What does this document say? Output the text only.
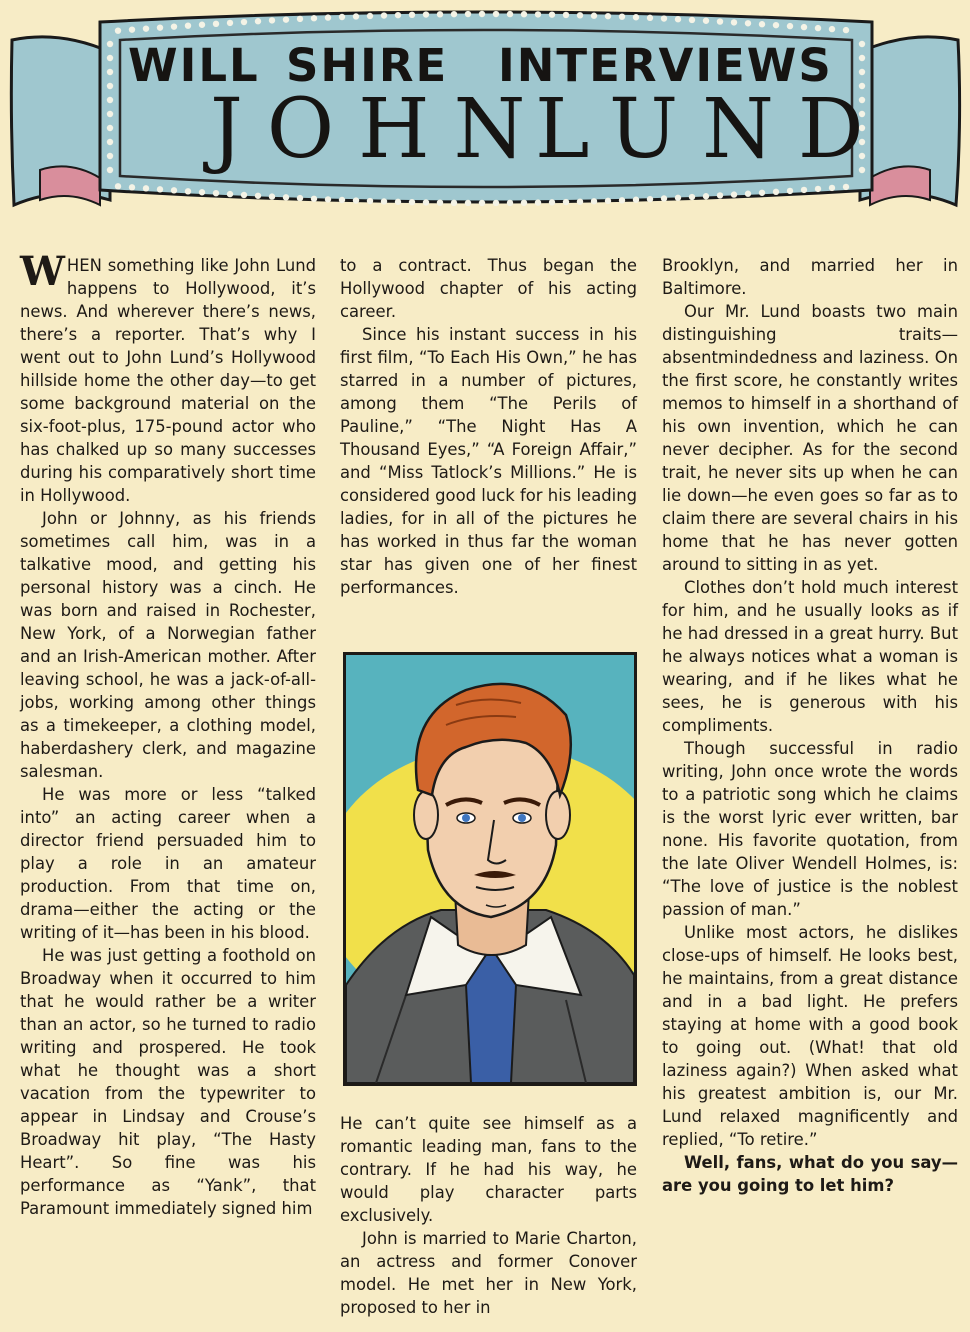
WILL SHIRE INTERVIEWS
JOHN
LUND

WHEN something like John Lund happens to Hollywood, it’s news. And wherever there’s news, there’s a reporter. That’s why I went out to John Lund’s Hollywood hillside home the other day—to get some background material on the six-foot-plus, 175-pound actor who has chalked up so many successes during his comparatively short time in Hollywood.

John or Johnny, as his friends sometimes call him, was in a talkative mood, and getting his personal history was a cinch. He was born and raised in Rochester, New York, of a Norwegian father and an Irish-American mother. After leaving school, he was a jack-of-all-jobs, working among other things as a timekeeper, a clothing model, haberdashery clerk, and magazine salesman.

He was more or less “talked into” an acting career when a director friend persuaded him to play a role in an amateur production. From that time on, drama—either the acting or the writing of it—has been in his blood.

He was just getting a foothold on Broadway when it occurred to him that he would rather be a writer than an actor, so he turned to radio writing and prospered. He took what he thought was a short vacation from the typewriter to appear in Lindsay and Crouse’s Broadway hit play, “The Hasty Heart”. So fine was his performance as “Yank”, that Paramount immediately signed him

to a contract. Thus began the Hollywood chapter of his acting career.

Since his instant success in his first film, “To Each His Own,” he has starred in a number of pictures, among them “The Perils of Pauline,” “The Night Has A Thousand Eyes,” “A Foreign Affair,” and “Miss Tatlock’s Millions.” He is considered good luck for his leading ladies, for in all of the pictures he has worked in thus far the woman star has given one of her finest performances.

He can’t quite see himself as a romantic leading man, fans to the contrary. If he had his way, he would play character parts exclusively.

John is married to Marie Charton, an actress and former Conover model. He met her in New York, proposed to her in

Brooklyn, and married her in Baltimore.

Our Mr. Lund boasts two main distinguishing traits—absentmindedness and laziness. On the first score, he constantly writes memos to himself in a shorthand of his own invention, which he can never decipher. As for the second trait, he never sits up when he can lie down—he even goes so far as to claim there are several chairs in his home that he has never gotten around to sitting in as yet.

Clothes don’t hold much interest for him, and he usually looks as if he had dressed in a great hurry. But he always notices what a woman is wearing, and if he likes what he sees, he is generous with his compliments.

Though successful in radio writing, John once wrote the words to a patriotic song which he claims is the worst lyric ever written, bar none. His favorite quotation, from the late Oliver Wendell Holmes, is: “The love of justice is the noblest passion of man.”

Unlike most actors, he dislikes close-ups of himself. He looks best, he maintains, from a great distance and in a bad light. He prefers staying at home with a good book to going out. (What! that old laziness again?) When asked what his greatest ambition is, our Mr. Lund relaxed magnificently and replied, “To retire.”

Well, fans, what do you say—are you going to let him?
